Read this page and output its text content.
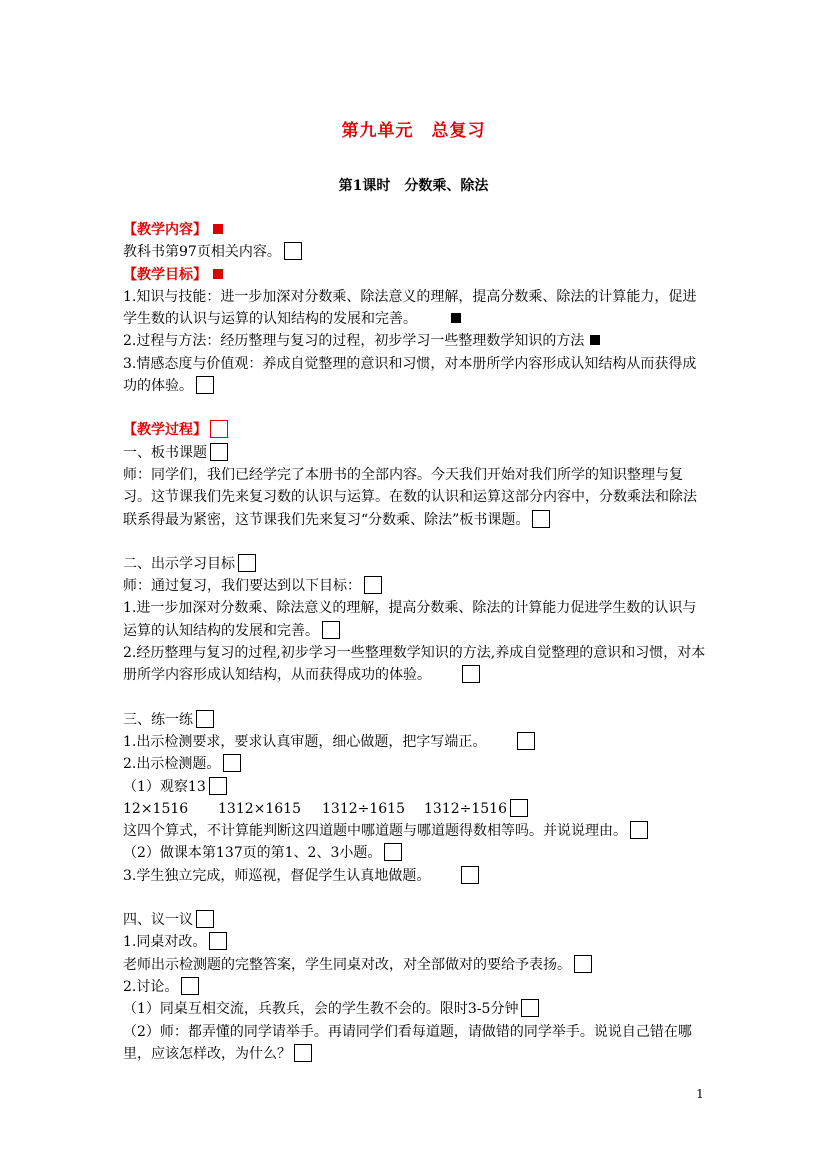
第九单元　总复习
第1课时　分数乘、除法
【教学内容】
教科书第97页相关内容。
【教学目标】
1.知识与技能：进一步加深对分数乘、除法意义的理解，提高分数乘、除法的计算能力，促进学生数的认识与运算的认知结构的发展和完善。
2.过程与方法：经历整理与复习的过程，初步学习一些整理数学知识的方法
3.情感态度与价值观：养成自觉整理的意识和习惯，对本册所学内容形成认知结构从而获得成功的体验。
【教学过程】
一、板书课题
师：同学们，我们已经学完了本册书的全部内容。今天我们开始对我们所学的知识整理与复习。这节课我们先来复习数的认识与运算。在数的认识和运算这部分内容中，分数乘法和除法联系得最为紧密，这节课我们先来复习“分数乘、除法”板书课题。
二、出示学习目标
师：通过复习，我们要达到以下目标：
1.进一步加深对分数乘、除法意义的理解，提高分数乘、除法的计算能力促进学生数的认识与运算的认知结构的发展和完善。
2.经历整理与复习的过程,初步学习一些整理数学知识的方法,养成自觉整理的意识和习惯，对本册所学内容形成认知结构，从而获得成功的体验。
三、练一练
1.出示检测要求，要求认真审题，细心做题，把字写端正。
2.出示检测题。
（1）观察13
12×1516 1312×1615 1312÷1615 1312÷1516
这四个算式，不计算能判断这四道题中哪道题与哪道题得数相等吗。并说说理由。
（2）做课本第137页的第1、2、3小题。
3.学生独立完成，师巡视，督促学生认真地做题。
四、议一议
1.同桌对改。
老师出示检测题的完整答案，学生同桌对改，对全部做对的要给予表扬。
2.讨论。
（1）同桌互相交流，兵教兵，会的学生教不会的。限时3-5分钟
（2）师：都弄懂的同学请举手。再请同学们看每道题，请做错的同学举手。说说自己错在哪里，应该怎样改，为什么？
1
